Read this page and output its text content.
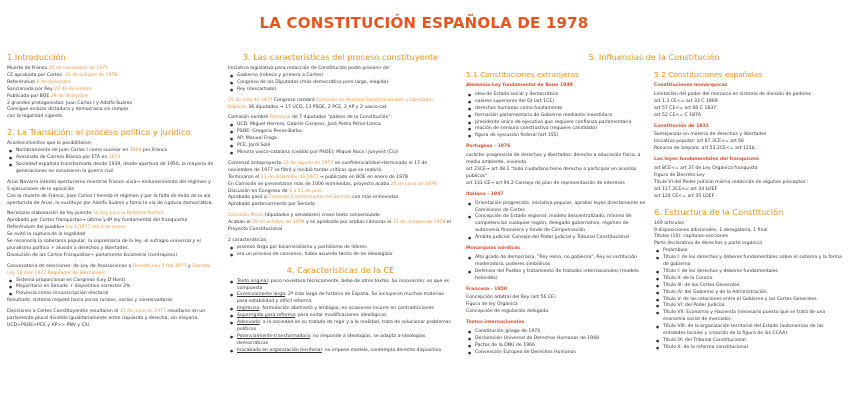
LA CONSTITUCIÓN ESPAÑOLA DE 1978
1.Introducción
Muerte de Franco 20 de noviembre de 1975
CE aprobada por Cortes: 31 de octubre de 1978
Referéndum 6 de diciembre
Sancionada por Rey 27 de diciembre
Publicada por BOE 29 de diciembre
2 grandes protagonistas: Juan Carlos I y Adolfo Suárez
Consigue enlazar dictadura y democracia sin romper
con la legalidad vigente.
2. La Transición: el proceso político y jurídico
Acontecimientos que lo posibilitaron:
● Nombramiento de Juan Carlos I como sucesor en 1969 por Franco
● Asesinato de Carrero Blanco por ETA en 1973
● Sociedad española transformada desde 1939, desde apertura de 1950, la mayoría de generaciones no conocieron la guerra civil
Arias Navarro intentó aperturismo mientras Franco vivía→ endurecimiento del régimen y 5 ejecuciones de la oposición
Con la muerte de Franco, Juan Carlos I hereda el régimen y por la falta de éxito de la vía aperturista de Arias, lo sustituye por Adolfo Suárez y toma la vía de ruptura democrática.
Necesaria elaboración de ley puente: la Ley para la Reforma Política
Aprobada por Cortes franquistas→ última y 8ª ley fundamental del franquismo
Referéndum del pueblo→ ley 1/1977 del 4 de enero
Se evitó la ruptura de la legalidad
Se reconocía la soberanía popular, la supremacía de la ley, el sufragio universal y el pluralismo político + alusión a derechos y libertades.
Disolución de las Cortes Franquistas→ parlamento bicameral (contrapeso)
Convocatoria de elecciones: de Ley de Asociaciones a Decreto Ley 5 feb 1977 y Decreto Ley 18 mar 1977 Regulador de Elecciones:
● Sistema proporcional en Congreso (Ley D'Hont)
● Mayoritario en Senado + dispositivo corrector 3%
● Provincia como circunscripción electoral
Resultado: sistema respetó hacia zonas rurales, vacías y conservadoras.
Elecciones a Cortes Constituyentes resultaron el 15 de junio de 1977 resultaron en un parlamento plural dividido igualitariamente entre izquierda y derecha, sin mayoría. UCD>PSOE>PCE y AP>> PNV y CiU
3. Las características del proceso constituyente
Iniciativa legislativa para redacción de Constitución podía provenir de:
● Gobierno (rebeca y primera a Cortes)
● Congreso de los Diputados (más democrático pero largo, elegido)
● Rey (descartado)
25 de julio de 1977 Congreso nombró Comisión de Asuntos Constitucionales y Libertades Públicas 36 diputados → 17 UCD, 13 PSOE, 2 PCE, 2 AP y 2 vasco-cat
Comisión nombró Ponencia de 7 diputados "padres de la Constitución":
● UCD: Miguel Herrero, Gabriel Cisneros, José Pedro Pérez-Llorca
● PSOE: Gregorio Peces-Barba
● AP: Manuel Fraga
● PCE: Jordi Solé
● Minoría vasco-catalana (cedido por PSOE): Miquel Roca i Junyent (CiU)
Comenzó anteproyecto 22 de agosto de 1977 en confidencialidad→terminado el 17 de noviembre de 1977 se filtró y recibió tantas críticas que se reabrió.
Terminaron el 23 de diciembre de 1977 → publicado en BOE en enero de 1978
En Comisión se presentaron más de 1000 enmiendas, proyecto acaba 20 de junio de 1978
Discusión en Congreso de 4 a 21 de julio
Aprobado pasó a Comisión Constitucional del Senado con más enmiendas
Aprobado posteriormente por Senado
Comisión Mixta (diputados y senadores) crean texto consensuado
Acaban el 28 de octubre de 1978 y es aprobado por ambas cámaras el 31 de octubre de 1978 el
Proyecto Constitucional
2 características:
● proceso largo por bicameralismo y partidismo de líderes
● era un proceso de consenso, había acuerdo tácito de no ideologizar
4. Características de la CE
● Texto original: poco novedoso técnicamente, bebe de otros textos. Su innovación: es que es compuesta
● Excesivamente larga: 2ª más larga de historia de España. Se incluyeron muchas materias para estabilidad y difícil reforma
● Imprecisa: formulación abstracta y ambigua, en ocasiones incurre en contradicciones
● Superrígida para reforma: para evitar modificaciones ideológicas
● Adecuada: a la sociedad en su tratado de regir y a la realidad, trata de solucionar problemas políticos
● Potencialmente transformadora: no responde a ideologías, se adapta a ideologías democráticas
● Inacabada en organización territorial: no impone modelo, contempla derecho dispositivo
5. Influencias de la Constitución
5.1 Constituciones extranjeras
Alemania-Ley fundamental de Bonn 1949
● idea de Estado social y democrático
● valores superiores del OJ (art 1CE)
● derechos humanos como fundamento
● formación parlamentaria de Gobierno mediante investidura
● presidente único de ejecutivo que requiere confianza parlamentaria
● moción de censura constructiva (requiere candidato)
● figura de ejecución federal (art 155)
Portugesa - 1976
carácter progresista de derechos y libertades: derecho a educación física, a medio ambiente, vivienda
art 23CE→ art 48.1 "todo ciudadano tiene derecho a participar en asuntos públicos"
art 131 CE→ art 94.2 Consejo de plan de representación de intereses
Italiana - 1947
● Orientación progresista: iniciativa popular, aprobar leyes directamente en Comisiones de Cortes
● Concepción de Estado regional: modelo descentralizado, mínimo de competencias cualquier región, delegado gubernativo, régimen de autonomía financiera y fondo de Compensación
● Ámbito judicial: Consejo del Poder Judicial y Tribunal Constitucional
Monarquías nórdicas
● Alto grado de democracia, "Rey reina, no gobierna", Rey es institución moderadora, poderes simbólicos
● Defensor del Pueblo y tratamiento de tratados internacionales (modelo holandés)
Francesa - 1958
Concepción arbitral del Rey (art 56 CE)
Figura de ley Orgánica
Concepción de regulación delegada
Textos internacionales
● Constitución griega de 1974
● Declaración Universal de Derechos Humanos de 1948
● Pactos de la ONU de 1966
● Convención Europea de Derechos Humanos
5.2 Constituciones españolas
Constituciones monárquicas
Limitación del poder del monarca en sistema de división de poderes
art 1.3 CE<= art 33 C 1869
art 57 CE<= art 60 C 1837
art 52 CE<= C 1876
Constitución de 1931
Semejanzas en materia de derechos y libertades
Iniciativa popular: art 87.3CE<= art 66
Recurso de amparo: art 53.2CE<= art 121b
Las leyes fundamentales del franquismo
art 8CE<= art 37 de Ley Orgánica franquista
Figura de Decreto-Ley
Título VI del Poder Judicial misma redacción en algunos preceptos :
art 117.2CE<= art 34 LOEF
art 124 CE<= art 35 LOEF
6. Estructura de la Constitución
169 artículos
9 disposiciones adicionales, 1 derogatoria, 1 final
Títulos (10): capítulos-secciones
Parte declarativa de derechos y parte orgánica
● Preámbulo
● Título I: de los derechos y deberes fundamentales sobre el sistema y la forma de gobierno.
● Título I: de los derechos y deberes fundamentales
● Título II: de la Corona.
● Título III: de las Cortes Generales.
● Título IV: del Gobierno y de la Administración.
● Título V: de las relaciones entre el Gobierno y las Cortes Generales.
● Título VI: del Poder Judicial.
● Título VII: Economía y Hacienda (necesario puesto que se trata de una economía social de mercado).
● Título VIII: de la organización territorial del Estado (autonomías de las entidades locales y creación de la figura de las CCAA).
● Título IX: del Tribunal Constitucional.
● Título X: de la reforma constitucional.
